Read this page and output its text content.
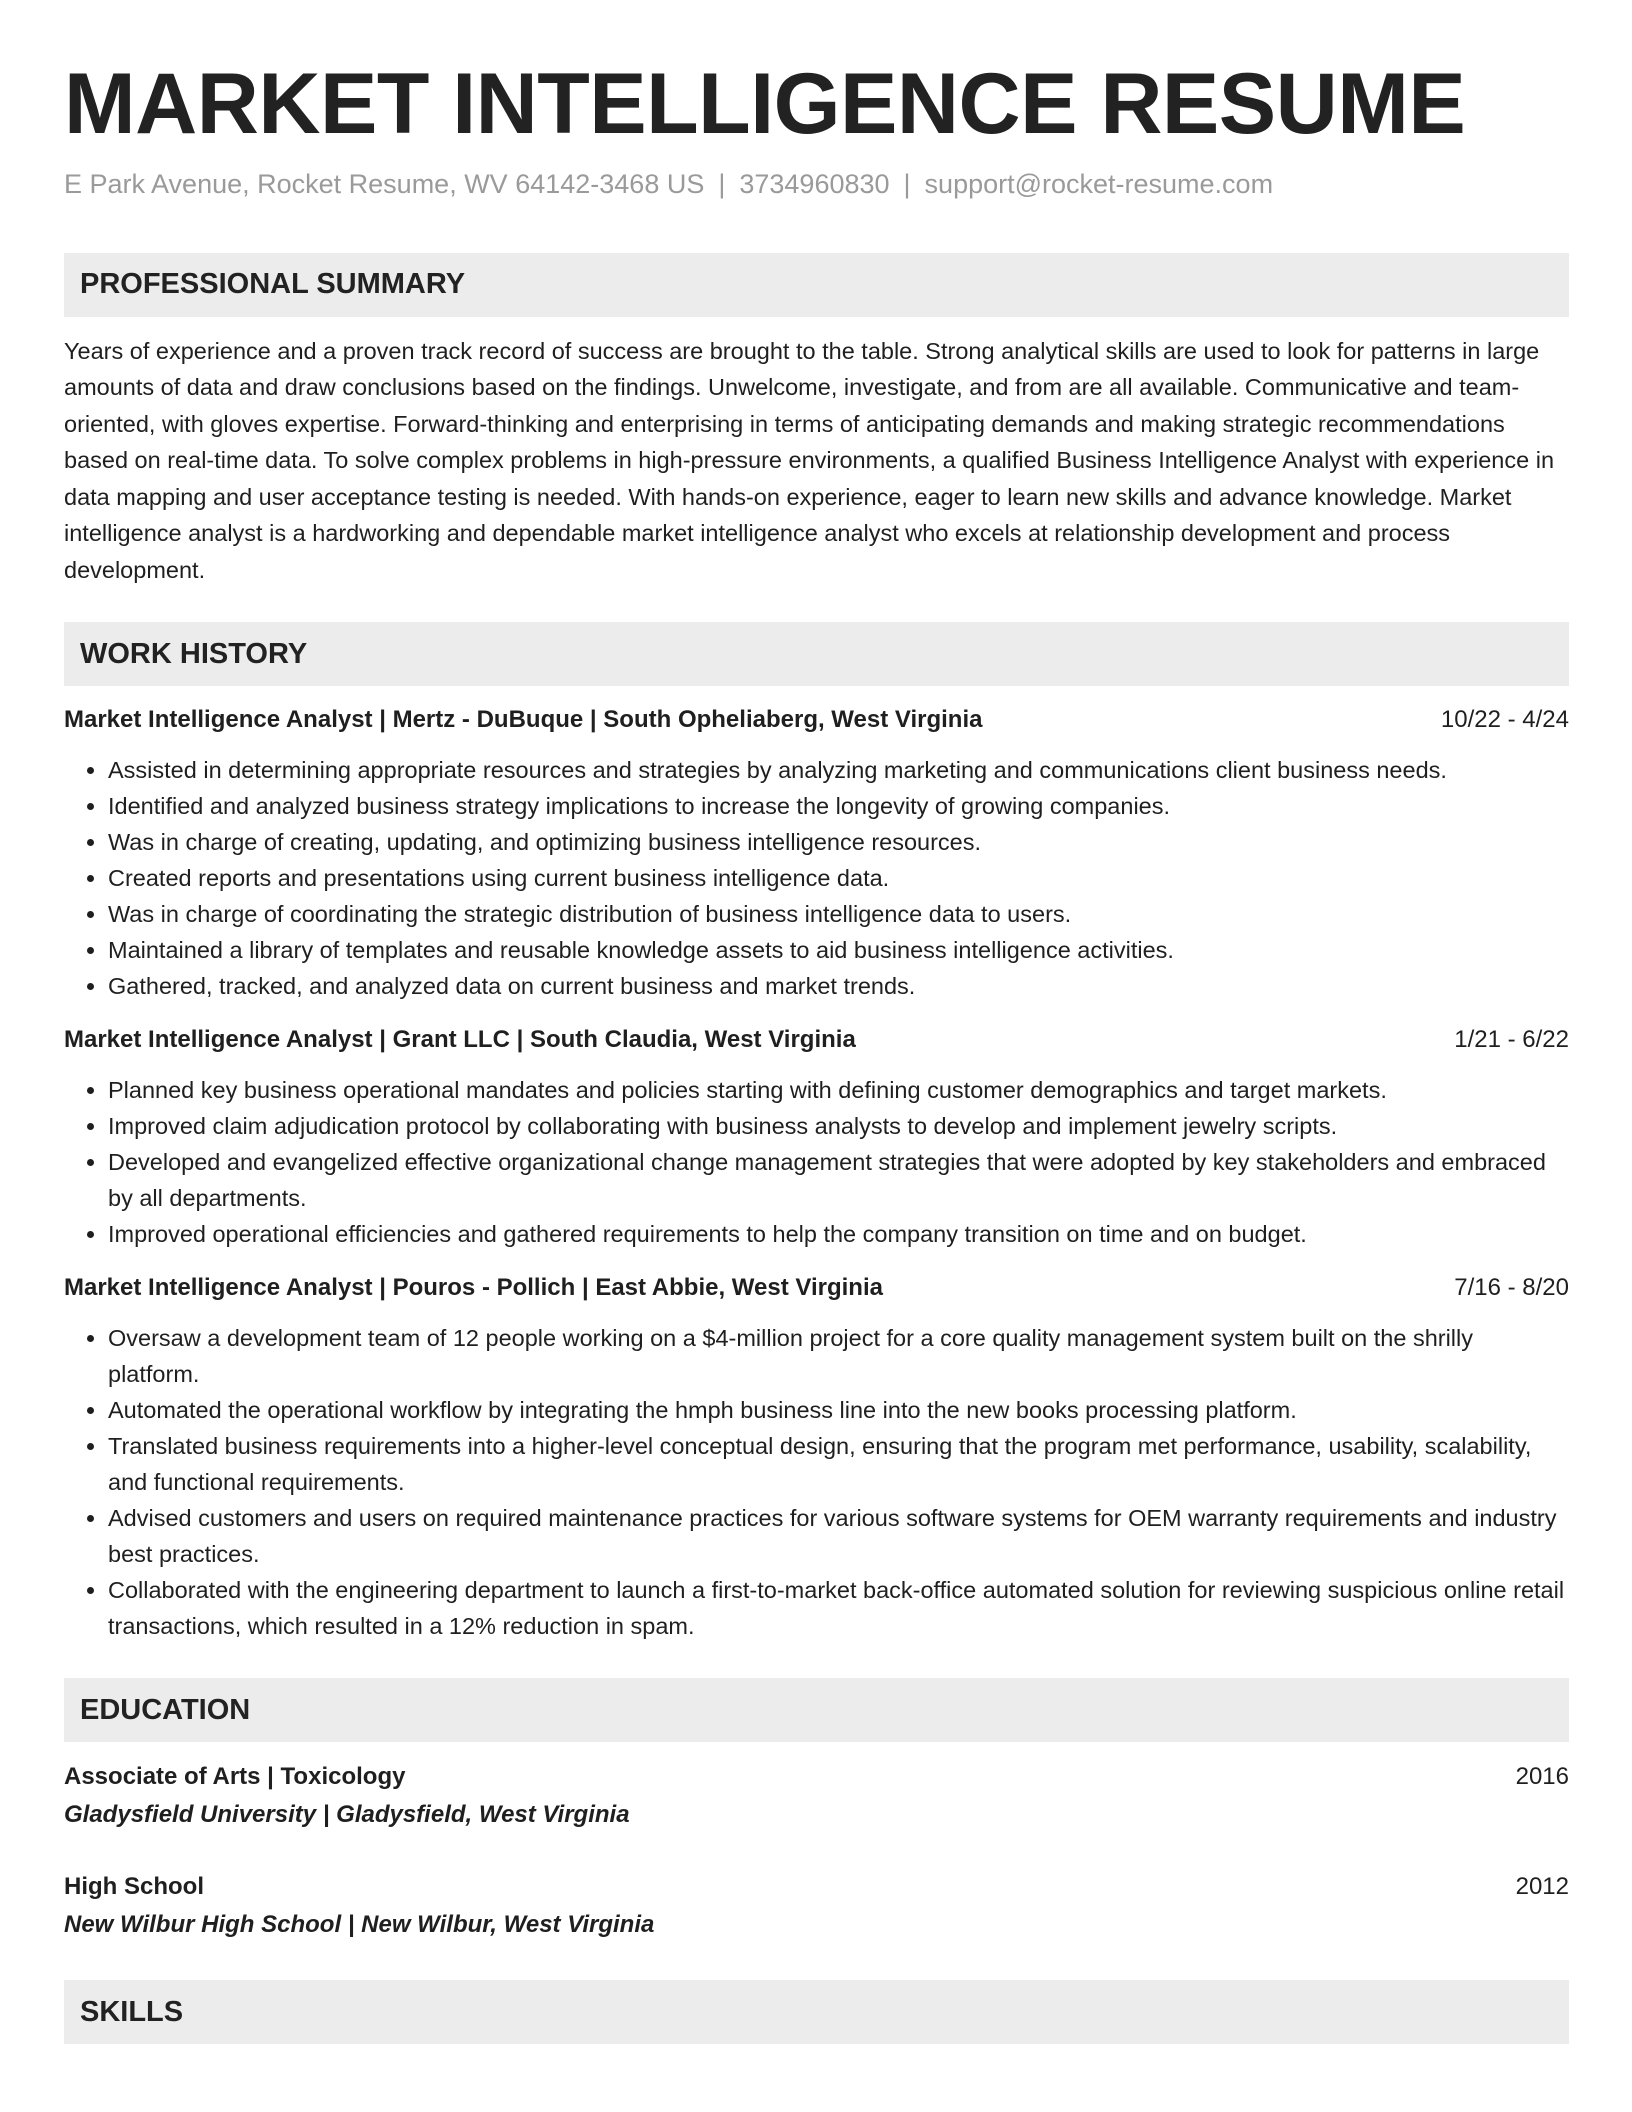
MARKET INTELLIGENCE RESUME
E Park Avenue, Rocket Resume, WV 64142-3468 US | 3734960830 | support@rocket-resume.com
PROFESSIONAL SUMMARY
Years of experience and a proven track record of success are brought to the table. Strong analytical skills are used to look for patterns in large amounts of data and draw conclusions based on the findings. Unwelcome, investigate, and from are all available. Communicative and team-oriented, with gloves expertise. Forward-thinking and enterprising in terms of anticipating demands and making strategic recommendations based on real-time data. To solve complex problems in high-pressure environments, a qualified Business Intelligence Analyst with experience in data mapping and user acceptance testing is needed. With hands-on experience, eager to learn new skills and advance knowledge. Market intelligence analyst is a hardworking and dependable market intelligence analyst who excels at relationship development and process development.
WORK HISTORY
Market Intelligence Analyst | Mertz - DuBuque | South Opheliaberg, West Virginia	10/22 - 4/24
• Assisted in determining appropriate resources and strategies by analyzing marketing and communications client business needs.
• Identified and analyzed business strategy implications to increase the longevity of growing companies.
• Was in charge of creating, updating, and optimizing business intelligence resources.
• Created reports and presentations using current business intelligence data.
• Was in charge of coordinating the strategic distribution of business intelligence data to users.
• Maintained a library of templates and reusable knowledge assets to aid business intelligence activities.
• Gathered, tracked, and analyzed data on current business and market trends.
Market Intelligence Analyst | Grant LLC | South Claudia, West Virginia	1/21 - 6/22
• Planned key business operational mandates and policies starting with defining customer demographics and target markets.
• Improved claim adjudication protocol by collaborating with business analysts to develop and implement jewelry scripts.
• Developed and evangelized effective organizational change management strategies that were adopted by key stakeholders and embraced by all departments.
• Improved operational efficiencies and gathered requirements to help the company transition on time and on budget.
Market Intelligence Analyst | Pouros - Pollich | East Abbie, West Virginia	7/16 - 8/20
• Oversaw a development team of 12 people working on a $4-million project for a core quality management system built on the shrilly platform.
• Automated the operational workflow by integrating the hmph business line into the new books processing platform.
• Translated business requirements into a higher-level conceptual design, ensuring that the program met performance, usability, scalability, and functional requirements.
• Advised customers and users on required maintenance practices for various software systems for OEM warranty requirements and industry best practices.
• Collaborated with the engineering department to launch a first-to-market back-office automated solution for reviewing suspicious online retail transactions, which resulted in a 12% reduction in spam.
EDUCATION
Associate of Arts | Toxicology	2016
Gladysfield University | Gladysfield, West Virginia
High School	2012
New Wilbur High School | New Wilbur, West Virginia
SKILLS
